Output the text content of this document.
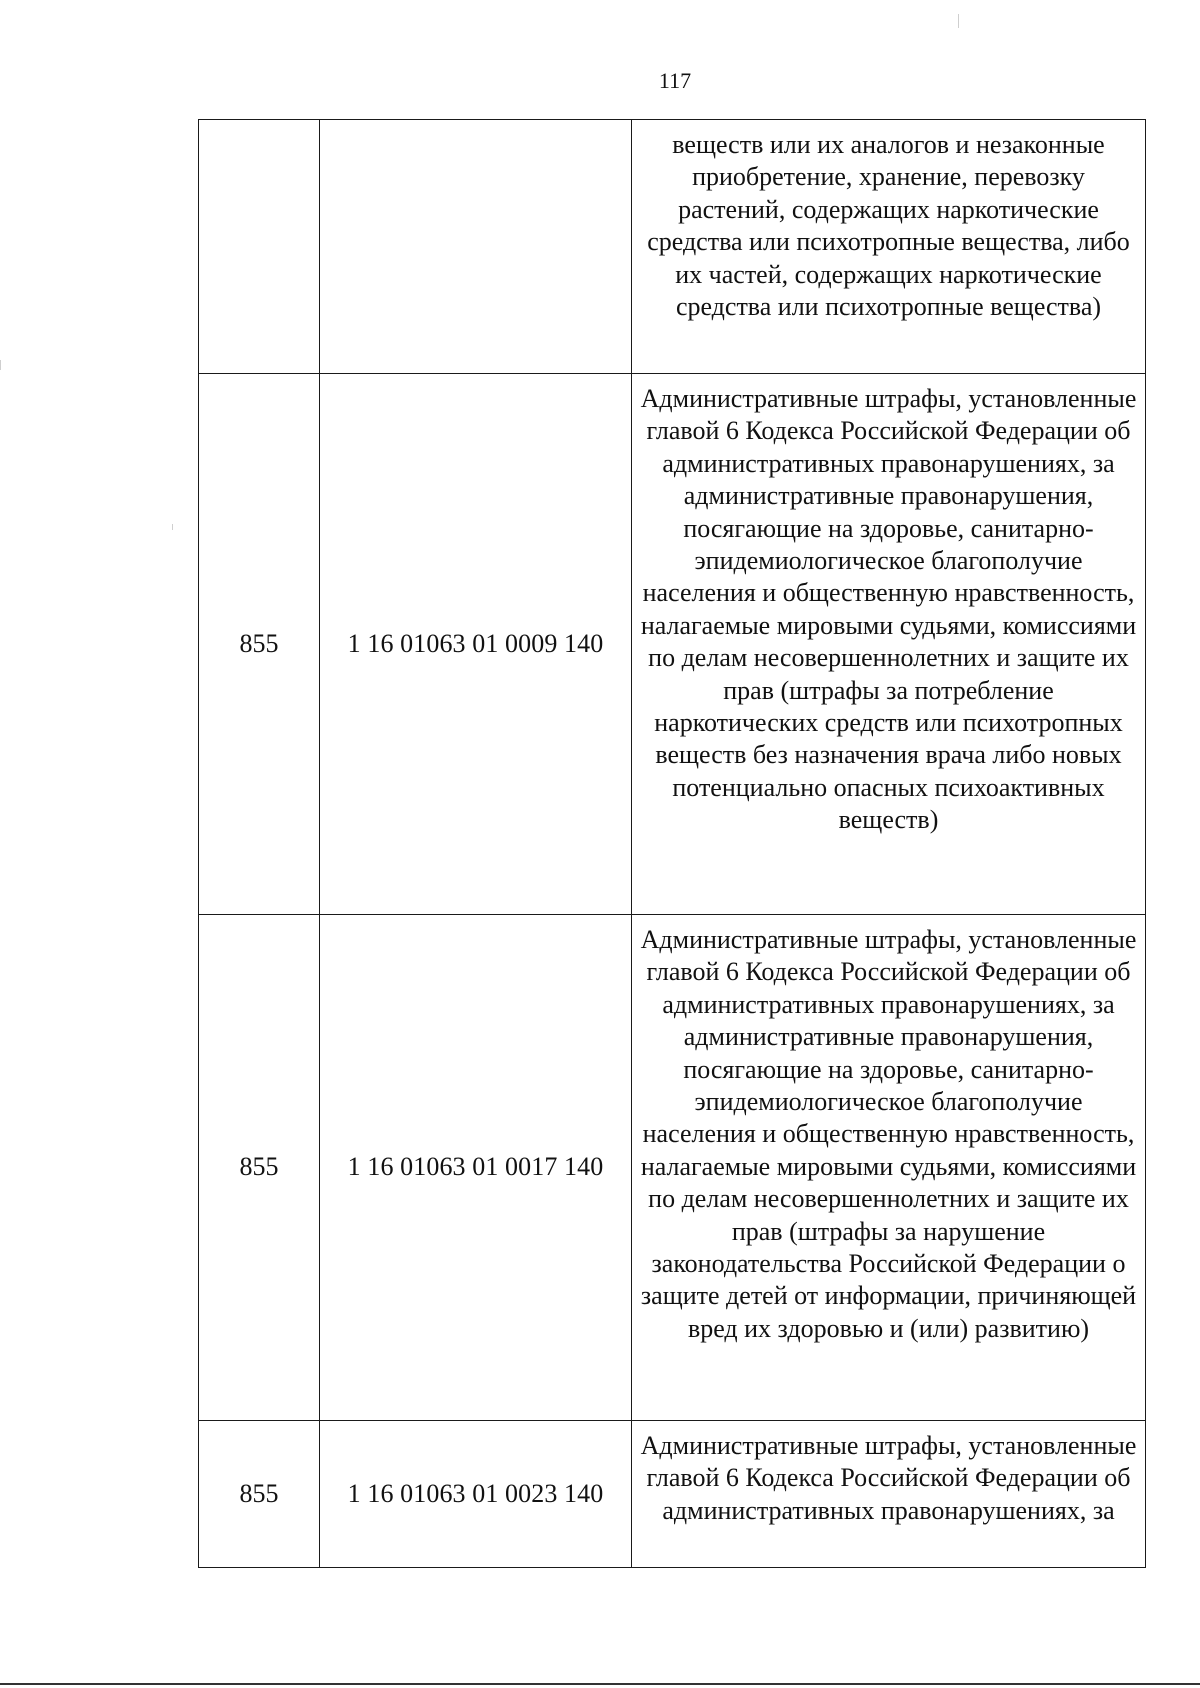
117
		веществ или их аналогов и незаконные приобретение, хранение, перевозку растений, содержащих наркотические средства или психотропные вещества, либо их частей, содержащих наркотические средства или психотропные вещества)
855	1 16 01063 01 0009 140	Административные штрафы, установленные главой 6 Кодекса Российской Федерации об административных правонарушениях, за административные правонарушения, посягающие на здоровье, санитарно-эпидемиологическое благополучие населения и общественную нравственность, налагаемые мировыми судьями, комиссиями по делам несовершеннолетних и защите их прав (штрафы за потребление наркотических средств или психотропных веществ без назначения врача либо новых потенциально опасных психоактивных веществ)
855	1 16 01063 01 0017 140	Административные штрафы, установленные главой 6 Кодекса Российской Федерации об административных правонарушениях, за административные правонарушения, посягающие на здоровье, санитарно-эпидемиологическое благополучие населения и общественную нравственность, налагаемые мировыми судьями, комиссиями по делам несовершеннолетних и защите их прав (штрафы за нарушение законодательства Российской Федерации о защите детей от информации, причиняющей вред их здоровью и (или) развитию)
855	1 16 01063 01 0023 140	Административные штрафы, установленные главой 6 Кодекса Российской Федерации об административных правонарушениях, за
